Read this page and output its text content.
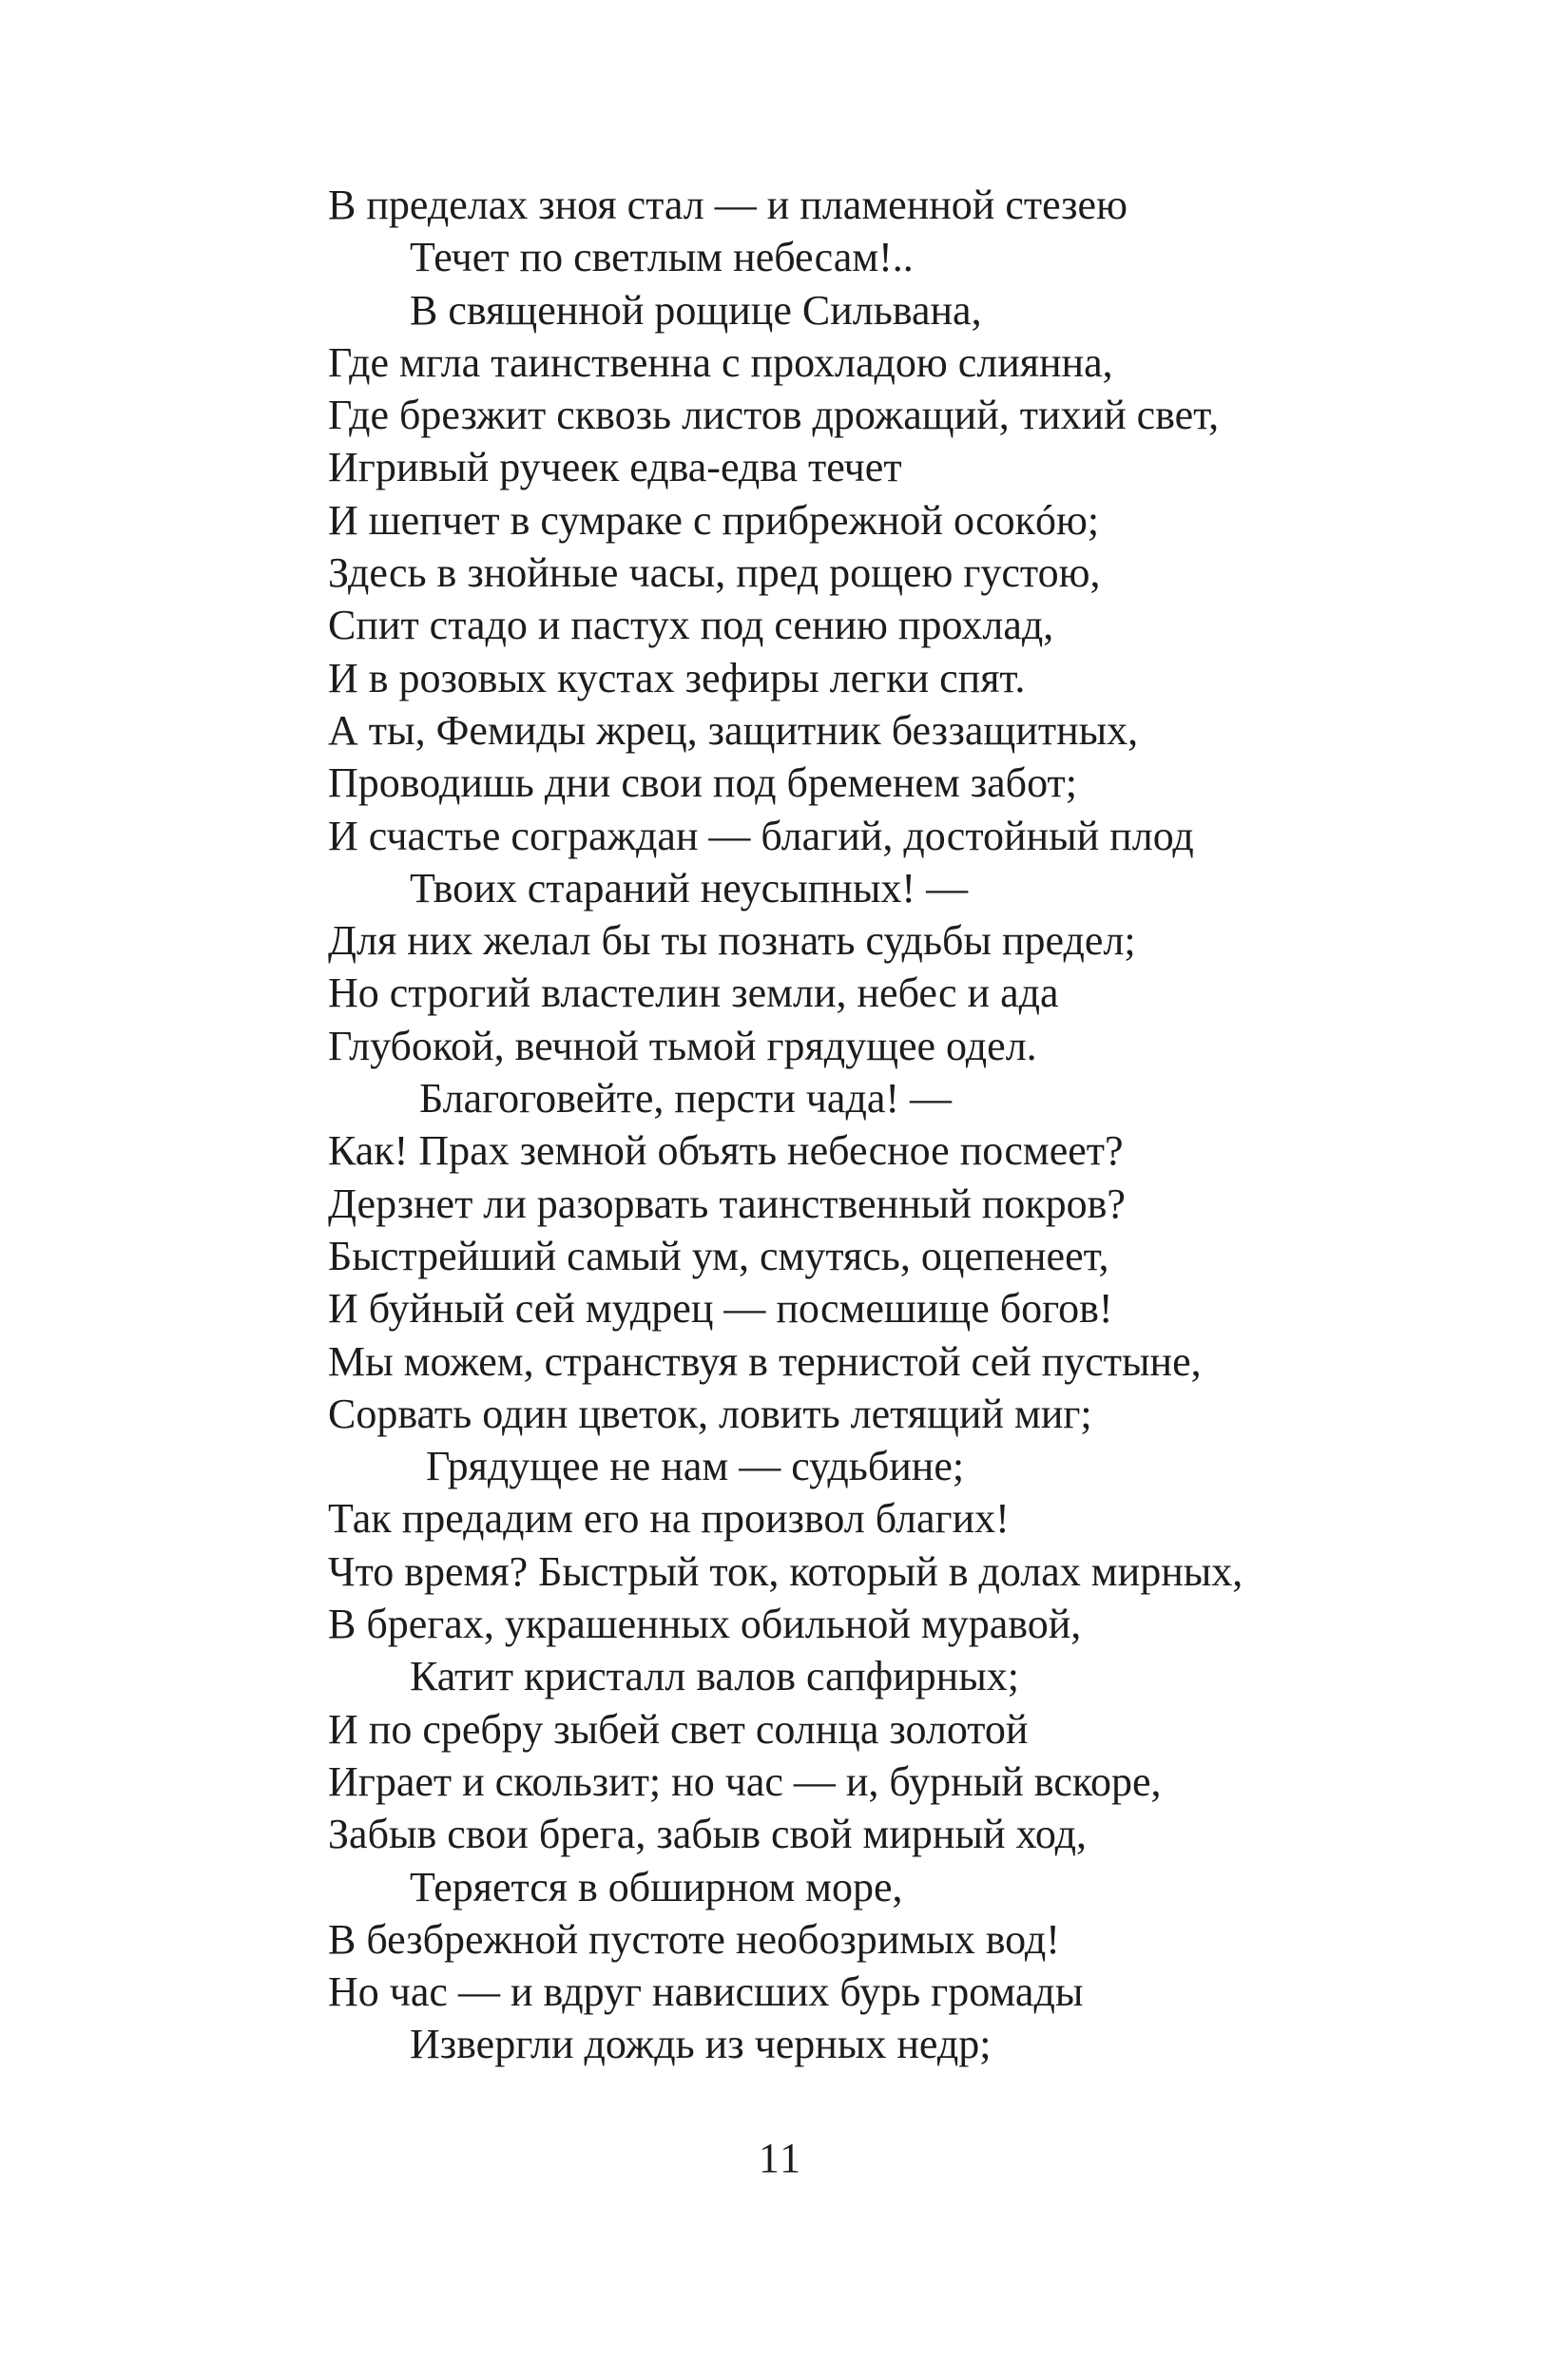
В пределах зноя стал — и пламенной стезею
Течет по светлым небесам!..
В священной рощице Сильвана,
Где мгла таинственна с прохладою слиянна,
Где брезжит сквозь листов дрожащий, тихий свет,
Игривый ручеек едва-едва течет
И шепчет в сумраке с прибрежной осокóю;
Здесь в знойные часы, пред рощею густою,
Спит стадо и пастух под сению прохлад,
И в розовых кустах зефиры легки спят.
А ты, Фемиды жрец, защитник беззащитных,
Проводишь дни свои под бременем забот;
И счастье сограждан — благий, достойный плод
Твоих стараний неусыпных! —
Для них желал бы ты познать судьбы предел;
Но строгий властелин земли, небес и ада
Глубокой, вечной тьмой грядущее одел.
Благоговейте, персти чада! —
Как! Прах земной объять небесное посмеет?
Дерзнет ли разорвать таинственный покров?
Быстрейший самый ум, смутясь, оцепенеет,
И буйный сей мудрец — посмешище богов!
Мы можем, странствуя в тернистой сей пустыне,
Сорвать один цветок, ловить летящий миг;
Грядущее не нам — судьбине;
Так предадим его на произвол благих!
Что время? Быстрый ток, который в долах мирных,
В брегах, украшенных обильной муравой,
Катит кристалл валов сапфирных;
И по сребру зыбей свет солнца золотой
Играет и скользит; но час — и, бурный вскоре,
Забыв свои брега, забыв свой мирный ход,
Теряется в обширном море,
В безбрежной пустоте необозримых вод!
Но час — и вдруг нависших бурь громады
Извергли дождь из черных недр;
11
